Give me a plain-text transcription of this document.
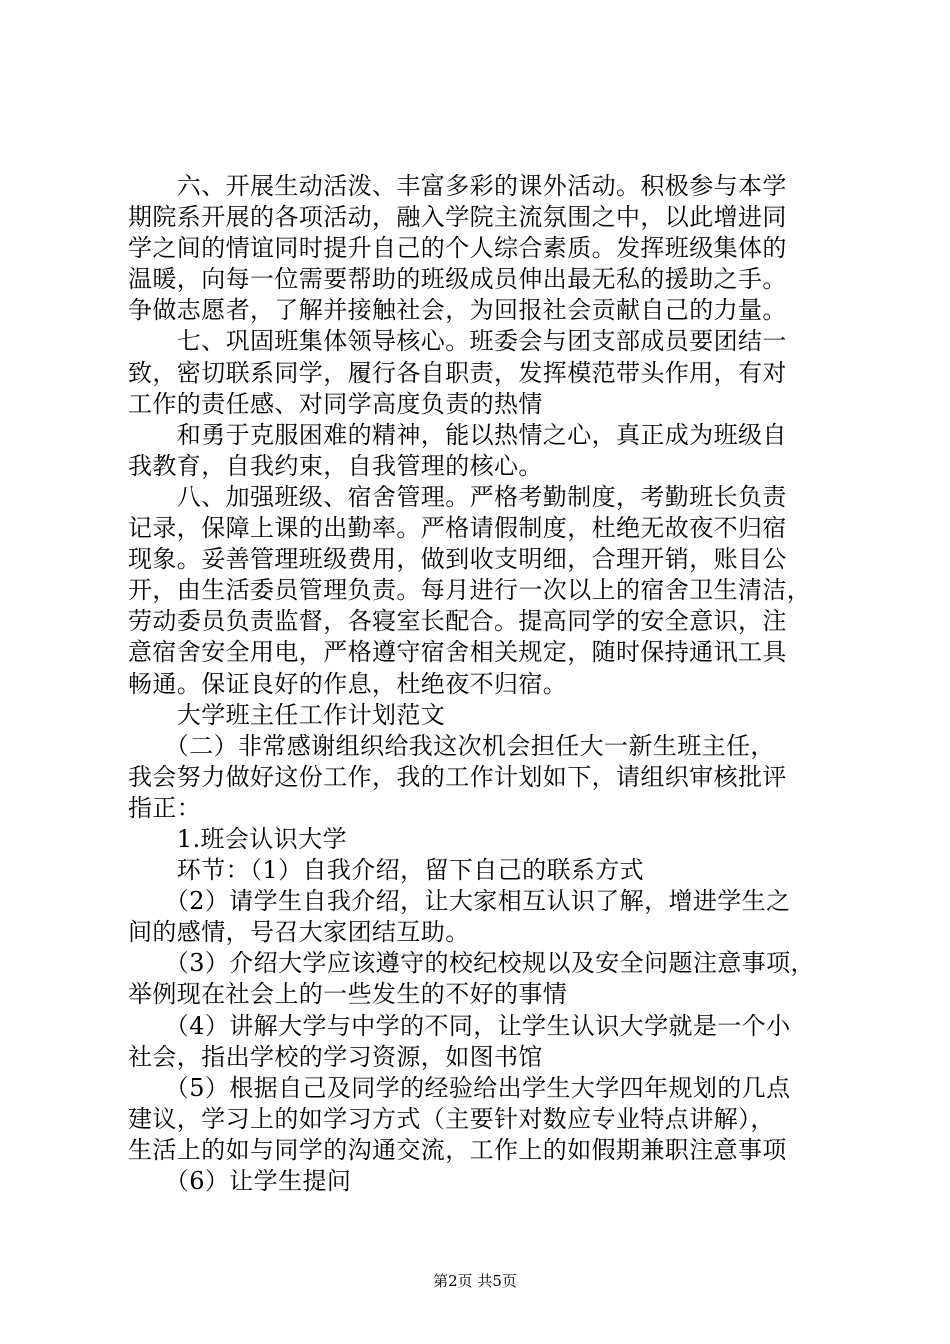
　　六、开展生动活泼、丰富多彩的课外活动。积极参与本学
期院系开展的各项活动，融入学院主流氛围之中，以此增进同
学之间的情谊同时提升自己的个人综合素质。发挥班级集体的
温暖，向每一位需要帮助的班级成员伸出最无私的援助之手。
争做志愿者，了解并接触社会，为回报社会贡献自己的力量。
　　七、巩固班集体领导核心。班委会与团支部成员要团结一
致，密切联系同学，履行各自职责，发挥模范带头作用，有对
工作的责任感、对同学高度负责的热情
　　和勇于克服困难的精神，能以热情之心，真正成为班级自
我教育，自我约束，自我管理的核心。
　　八、加强班级、宿舍管理。严格考勤制度，考勤班长负责
记录，保障上课的出勤率。严格请假制度，杜绝无故夜不归宿
现象。妥善管理班级费用，做到收支明细，合理开销，账目公
开，由生活委员管理负责。每月进行一次以上的宿舍卫生清洁，
劳动委员负责监督，各寝室长配合。提高同学的安全意识，注
意宿舍安全用电，严格遵守宿舍相关规定，随时保持通讯工具
畅通。保证良好的作息，杜绝夜不归宿。
　　大学班主任工作计划范文
　　（二）非常感谢组织给我这次机会担任大一新生班主任，
我会努力做好这份工作，我的工作计划如下，请组织审核批评
指正：
　　1.班会认识大学
　　环节：（1）自我介绍，留下自己的联系方式
　　（2）请学生自我介绍，让大家相互认识了解，增进学生之
间的感情，号召大家团结互助。
　　（3）介绍大学应该遵守的校纪校规以及安全问题注意事项，
举例现在社会上的一些发生的不好的事情
　　（4）讲解大学与中学的不同，让学生认识大学就是一个小
社会，指出学校的学习资源，如图书馆
　　（5）根据自己及同学的经验给出学生大学四年规划的几点
建议，学习上的如学习方式（主要针对数应专业特点讲解），
生活上的如与同学的沟通交流，工作上的如假期兼职注意事项
　　（6）让学生提问
第2页 共5页
